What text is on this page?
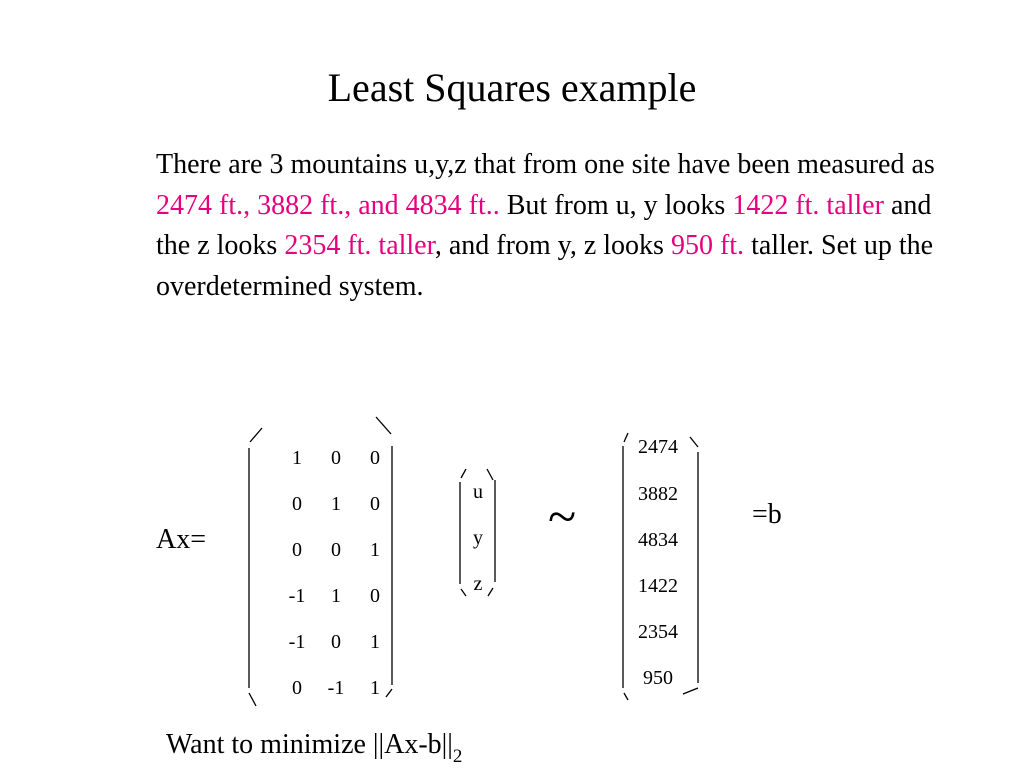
Least Squares example
There are 3 mountains u,y,z that from one site have been measured as 2474 ft., 3882 ft., and 4834 ft.. But from u, y looks 1422 ft. taller and the z looks 2354 ft. taller, and from y, z looks 950 ft. taller. Set up the overdetermined system.
Ax=
1	0	0
0	1	0
0	0	1
-1	1	0
-1	0	1
0	-1	1
u
y
z
~
2474
3882
4834
1422
2354
950
=b
Want to minimize $||Ax-b||_2$
